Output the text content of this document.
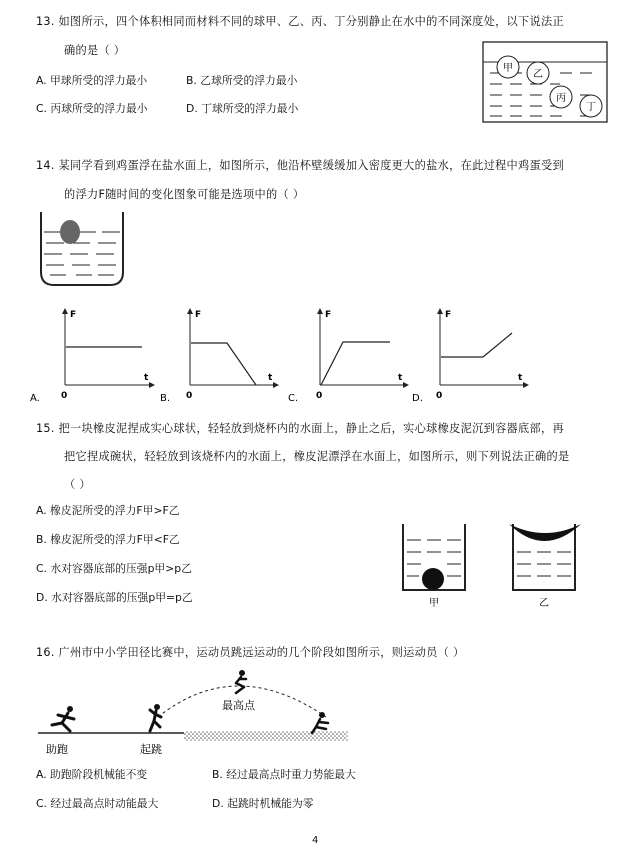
13. 如图所示，四个体积相同而材料不同的球甲、乙、丙、丁分别静止在水中的不同深度处，以下说法正
确的是（ ）
A. 甲球所受的浮力最小	B. 乙球所受的浮力最小
C. 丙球所受的浮力最小	D. 丁球所受的浮力最小
甲
乙
丙
丁
14. 某同学看到鸡蛋浮在盐水面上，如图所示，他沿杯壁缓缓加入密度更大的盐水，在此过程中鸡蛋受到
的浮力F随时间的变化图象可能是选项中的（ ）
F
t
0
A.
F
t
0
B.
F
t
0
C.
F
t
0
D.
15. 把一块橡皮泥捏成实心球状，轻轻放到烧杯内的水面上，静止之后，实心球橡皮泥沉到容器底部，再
把它捏成碗状，轻轻放到该烧杯内的水面上，橡皮泥漂浮在水面上，如图所示，则下列说法正确的是
（ ）
A. 橡皮泥所受的浮力F甲>F乙
B. 橡皮泥所受的浮力F甲<F乙
C. 水对容器底部的压强p甲>p乙
D. 水对容器底部的压强p甲=p乙	甲	乙
16. 广州市中小学田径比赛中，运动员跳远运动的几个阶段如图所示，则运动员（ ）
最高点
助跑	起跳
A. 助跑阶段机械能不变	B. 经过最高点时重力势能最大
C. 经过最高点时动能最大	D. 起跳时机械能为零
4
